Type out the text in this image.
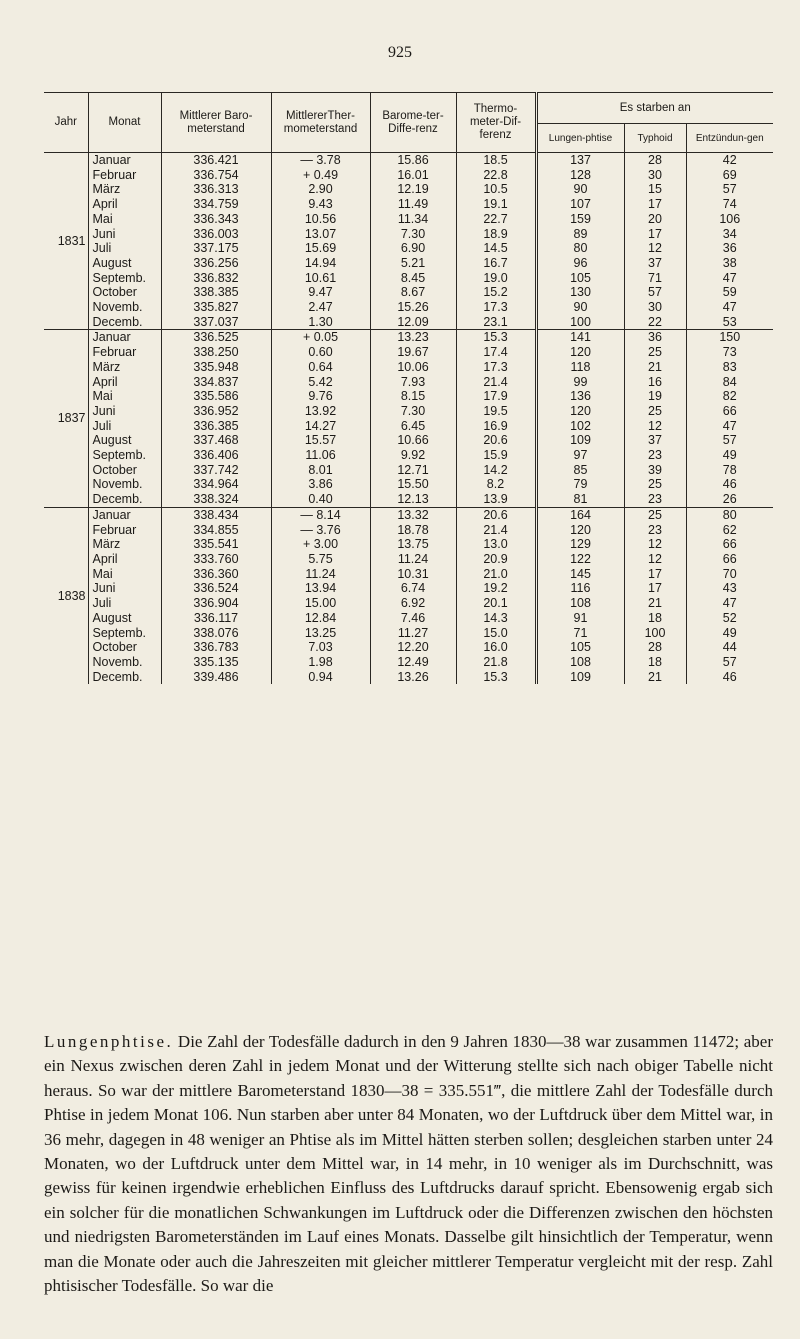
925
Jahr	Monat	Mittlerer Baro-meterstand	MittlererTher-mometerstand	Barome-ter-Diffe-renz	Thermo-meter-Dif-ferenz	Es starben an		
						Lungen-phtise	Typhoid	Entzündun-gen
1831	Januar	336.421	— 3.78	15.86	18.5	137	28	42
	Februar	336.754	+ 0.49	16.01	22.8	128	30	69
	März	336.313	2.90	12.19	10.5	90	15	57
	April	334.759	9.43	11.49	19.1	107	17	74
	Mai	336.343	10.56	11.34	22.7	159	20	106
	Juni	336.003	13.07	7.30	18.9	89	17	34
	Juli	337.175	15.69	6.90	14.5	80	12	36
	August	336.256	14.94	5.21	16.7	96	37	38
	Septemb.	336.832	10.61	8.45	19.0	105	71	47
	October	338.385	9.47	8.67	15.2	130	57	59
	Novemb.	335.827	2.47	15.26	17.3	90	30	47
	Decemb.	337.037	1.30	12.09	23.1	100	22	53
1837	Januar	336.525	+ 0.05	13.23	15.3	141	36	150
	Februar	338.250	0.60	19.67	17.4	120	25	73
	März	335.948	0.64	10.06	17.3	118	21	83
	April	334.837	5.42	7.93	21.4	99	16	84
	Mai	335.586	9.76	8.15	17.9	136	19	82
	Juni	336.952	13.92	7.30	19.5	120	25	66
	Juli	336.385	14.27	6.45	16.9	102	12	47
	August	337.468	15.57	10.66	20.6	109	37	57
	Septemb.	336.406	11.06	9.92	15.9	97	23	49
	October	337.742	8.01	12.71	14.2	85	39	78
	Novemb.	334.964	3.86	15.50	8.2	79	25	46
	Decemb.	338.324	0.40	12.13	13.9	81	23	26
1838	Januar	338.434	— 8.14	13.32	20.6	164	25	80
	Februar	334.855	— 3.76	18.78	21.4	120	23	62
	März	335.541	+ 3.00	13.75	13.0	129	12	66
	April	333.760	5.75	11.24	20.9	122	12	66
	Mai	336.360	11.24	10.31	21.0	145	17	70
	Juni	336.524	13.94	6.74	19.2	116	17	43
	Juli	336.904	15.00	6.92	20.1	108	21	47
	August	336.117	12.84	7.46	14.3	91	18	52
	Septemb.	338.076	13.25	11.27	15.0	71	100	49
	October	336.783	7.03	12.20	16.0	105	28	44
	Novemb.	335.135	1.98	12.49	21.8	108	18	57
	Decemb.	339.486	0.94	13.26	15.3	109	21	46

Lungenphtise. Die Zahl der Todesfälle dadurch in den 9 Jahren 1830—38 war zusammen 11472; aber ein Nexus zwischen deren Zahl in jedem Monat und der Witterung stellte sich nach obiger Tabelle nicht heraus. So war der mittlere Barometerstand 1830—38 = 335.551‴, die mittlere Zahl der Todesfälle durch Phtise in jedem Monat 106. Nun starben aber unter 84 Monaten, wo der Luftdruck über dem Mittel war, in 36 mehr, dagegen in 48 weniger an Phtise als im Mittel hätten sterben sollen; desgleichen starben unter 24 Monaten, wo der Luftdruck unter dem Mittel war, in 14 mehr, in 10 weniger als im Durchschnitt, was gewiss für keinen irgendwie erheblichen Einfluss des Luftdrucks darauf spricht. Ebensowenig ergab sich ein solcher für die monatlichen Schwankungen im Luftdruck oder die Differenzen zwischen den höchsten und niedrigsten Barometerständen im Lauf eines Monats. Dasselbe gilt hinsichtlich der Temperatur, wenn man die Monate oder auch die Jahreszeiten mit gleicher mittlerer Temperatur vergleicht mit der resp. Zahl phtisischer Todesfälle. So war die
